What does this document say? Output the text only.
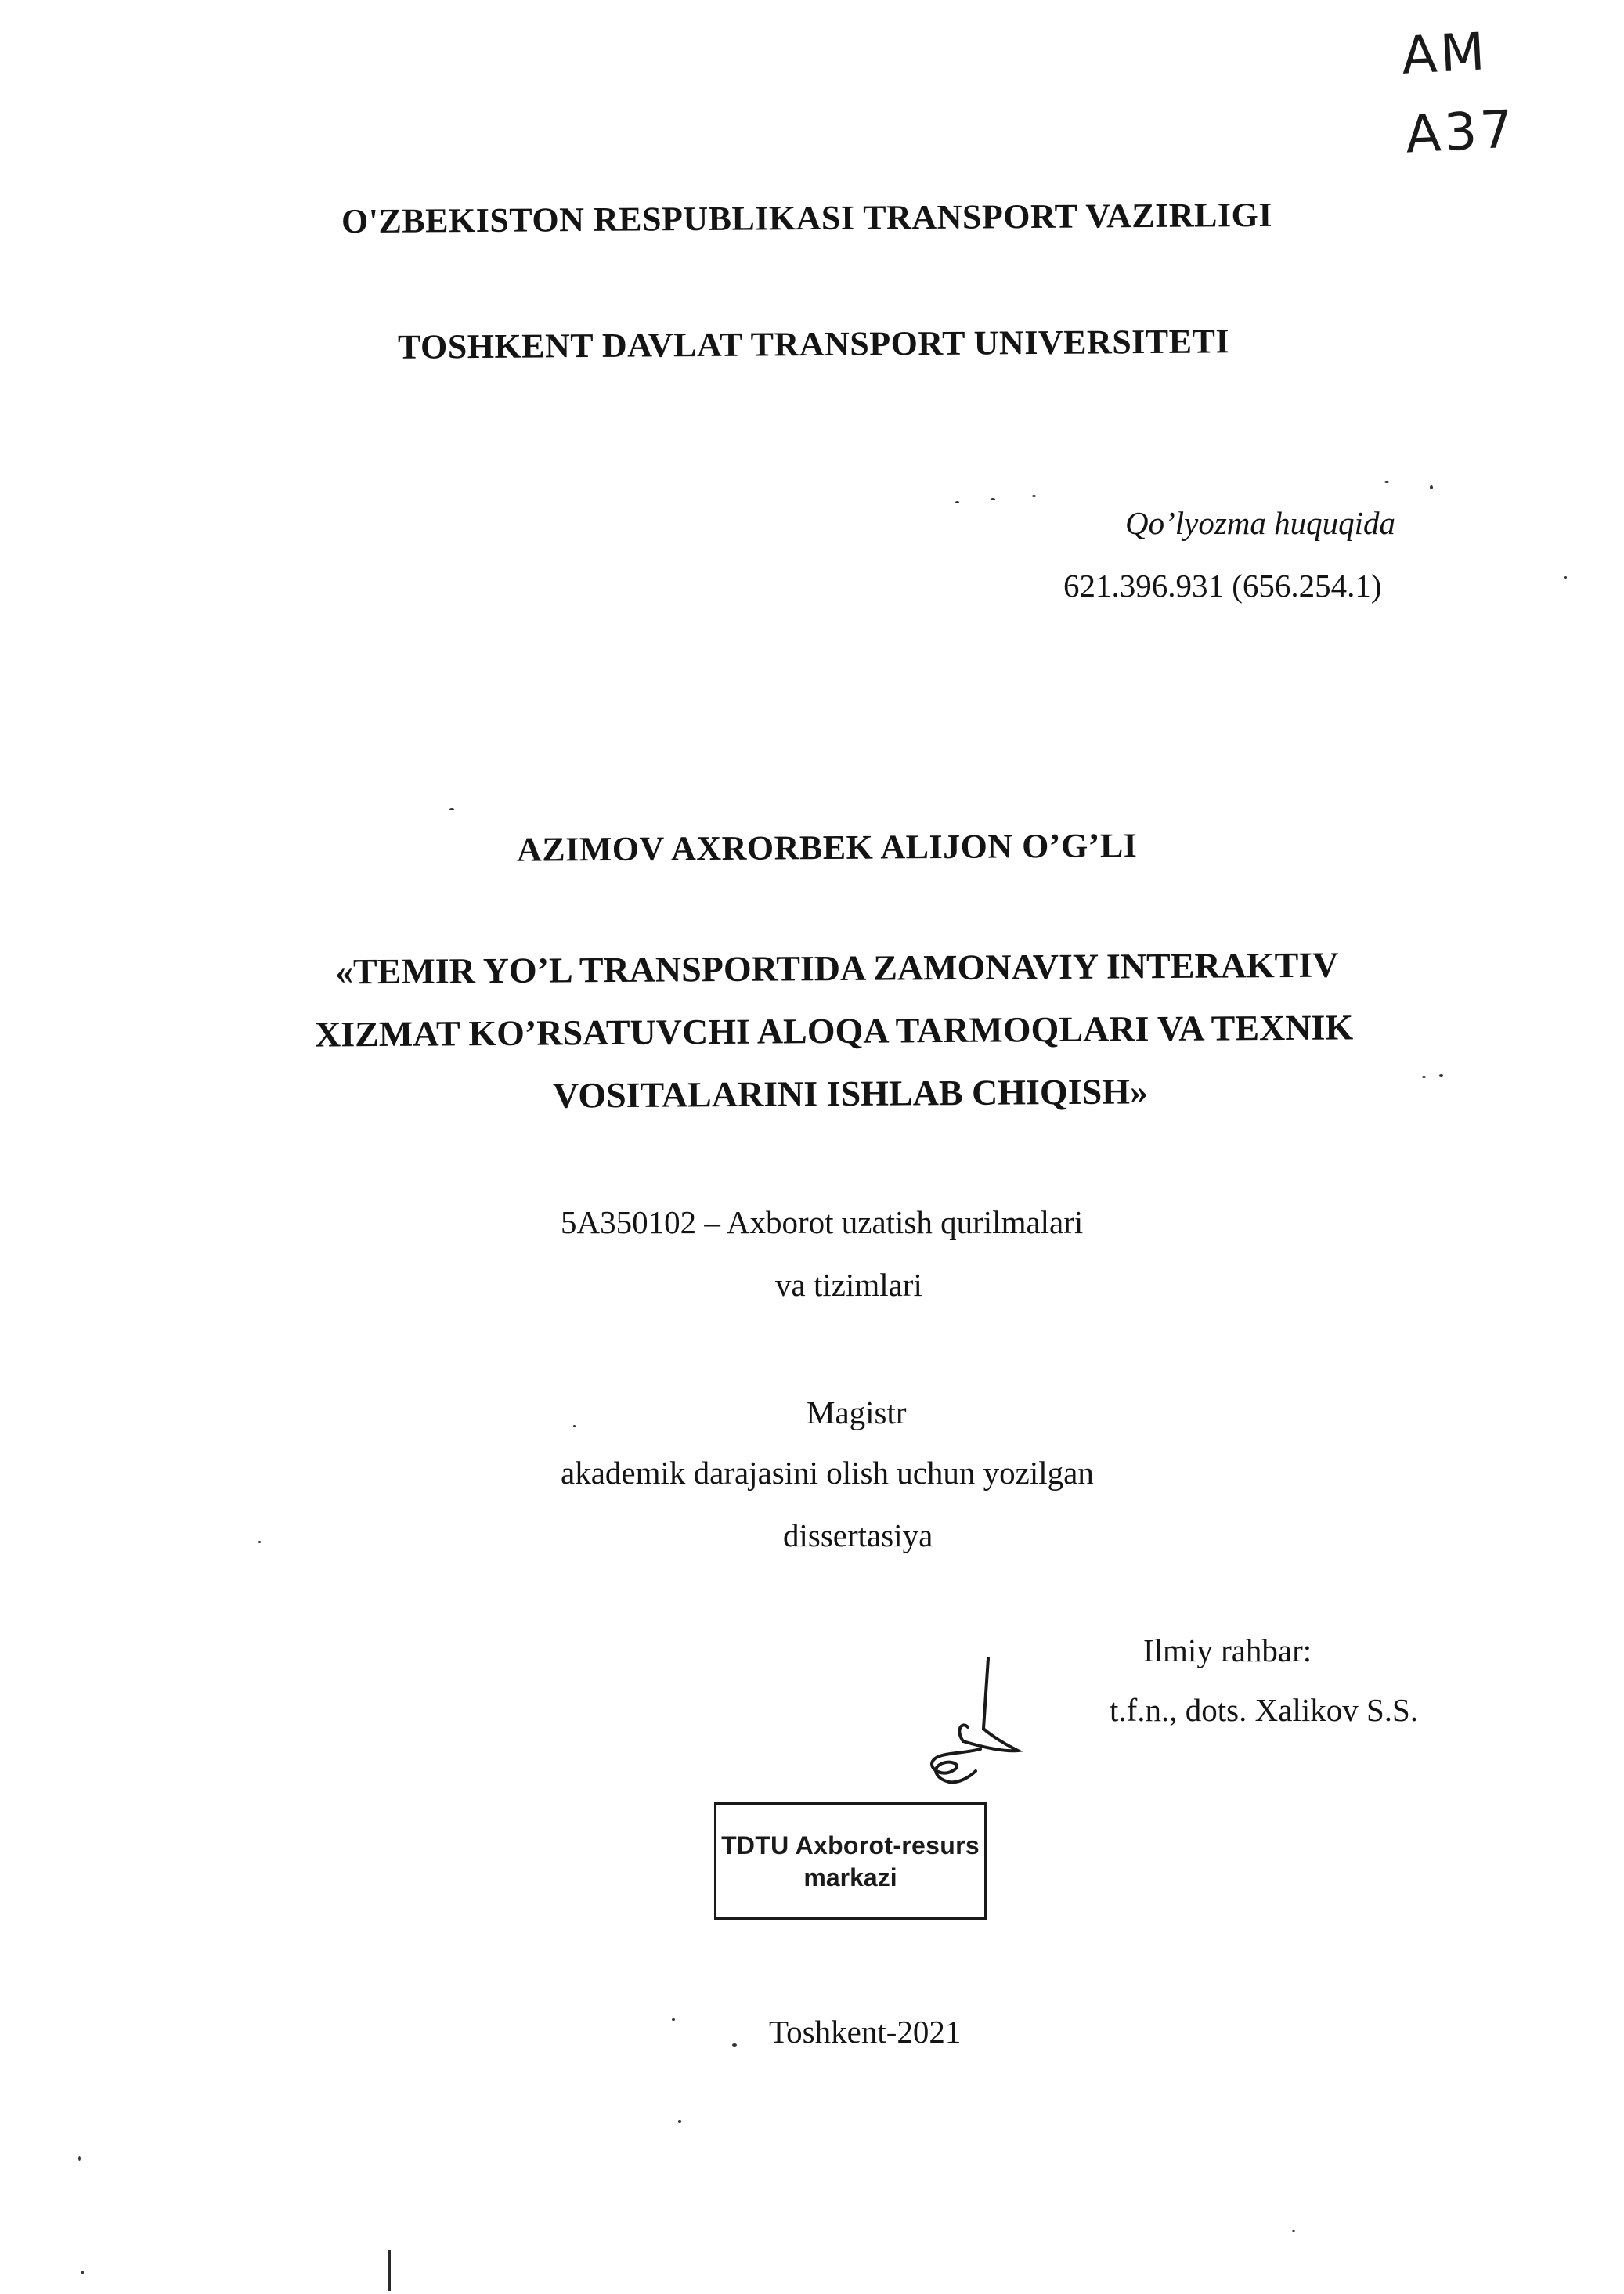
АМ
А37
O'ZBEKISTON RESPUBLIKASI TRANSPORT VAZIRLIGI
TOSHKENT DAVLAT TRANSPORT UNIVERSITETI
Qo’lyozma huquqida
621.396.931 (656.254.1)
AZIMOV AXRORBEK ALIJON O’G’LI
«TEMIR YO’L TRANSPORTIDA ZAMONAVIY INTERAKTIV
XIZMAT KO’RSATUVCHI ALOQA TARMOQLARI VA TEXNIK
VOSITALARINI ISHLAB CHIQISH»
5A350102 – Axborot uzatish qurilmalari
va tizimlari
Magistr
akademik darajasini olish uchun yozilgan
dissertasiya
Ilmiy rahbar:
t.f.n., dots. Xalikov S.S.
TDTU Axborot-resurs
markazi
Toshkent-2021
